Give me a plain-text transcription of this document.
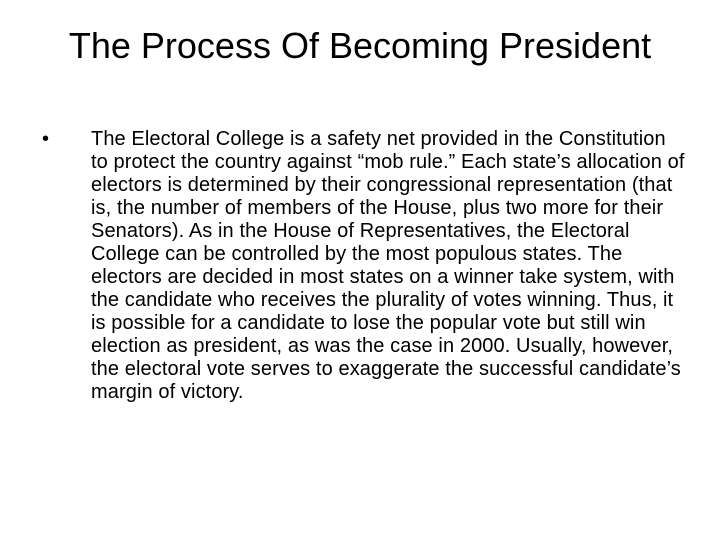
The Process Of Becoming President
•	The Electoral College is a safety net provided in the Constitution to protect the country against “mob rule.” Each state’s allocation of electors is determined by their congressional representation (that is, the number of members of the House, plus two more for their Senators). As in the House of Representatives, the Electoral College can be controlled by the most populous states. The electors are decided in most states on a winner take system, with the candidate who receives the plurality of votes winning. Thus, it is possible for a candidate to lose the popular vote but still win election as president, as was the case in 2000. Usually, however, the electoral vote serves to exaggerate the successful candidate’s margin of victory.
